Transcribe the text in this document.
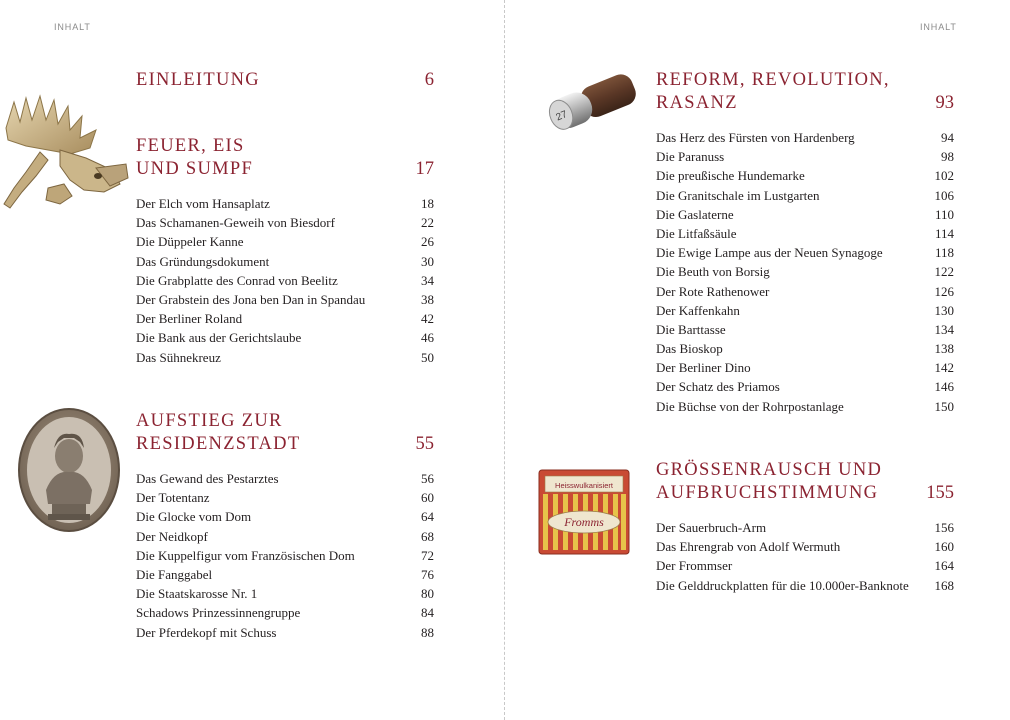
INHALT
EINLEITUNG	6
FEUER, EIS
UND SUMPF	17
Der Elch vom Hansaplatz	18
Das Schamanen-Geweih von Biesdorf	22
Die Düppeler Kanne	26
Das Gründungsdokument	30
Die Grabplatte des Conrad von Beelitz	34
Der Grabstein des Jona ben Dan in Spandau	38
Der Berliner Roland	42
Die Bank aus der Gerichtslaube	46
Das Sühnekreuz	50
AUFSTIEG ZUR
RESIDENZSTADT	55
Das Gewand des Pestarztes	56
Der Totentanz	60
Die Glocke vom Dom	64
Der Neidkopf	68
Die Kuppelfigur vom Französischen Dom	72
Die Fanggabel	76
Die Staatskarosse Nr. 1	80
Schadows Prinzessinnengruppe	84
Der Pferdekopf mit Schuss	88
INHALT
27
REFORM, REVOLUTION,
RASANZ	93
Das Herz des Fürsten von Hardenberg	94
Die Paranuss	98
Die preußische Hundemarke	102
Die Granitschale im Lustgarten	106
Die Gaslaterne	110
Die Litfaßsäule	114
Die Ewige Lampe aus der Neuen Synagoge	118
Die Beuth von Borsig	122
Der Rote Rathenower	126
Der Kaffenkahn	130
Die Barttasse	134
Das Bioskop	138
Der Berliner Dino	142
Der Schatz des Priamos	146
Die Büchse von der Rohrpostanlage	150
Heisswulkanisiert
Fromms
GRÖSSENRAUSCH UND
AUFBRUCHSTIMMUNG	155
Der Sauerbruch-Arm	156
Das Ehrengrab von Adolf Wermuth	160
Der Frommser	164
Die Gelddruckplatten für die 10.000er-Banknote	168
